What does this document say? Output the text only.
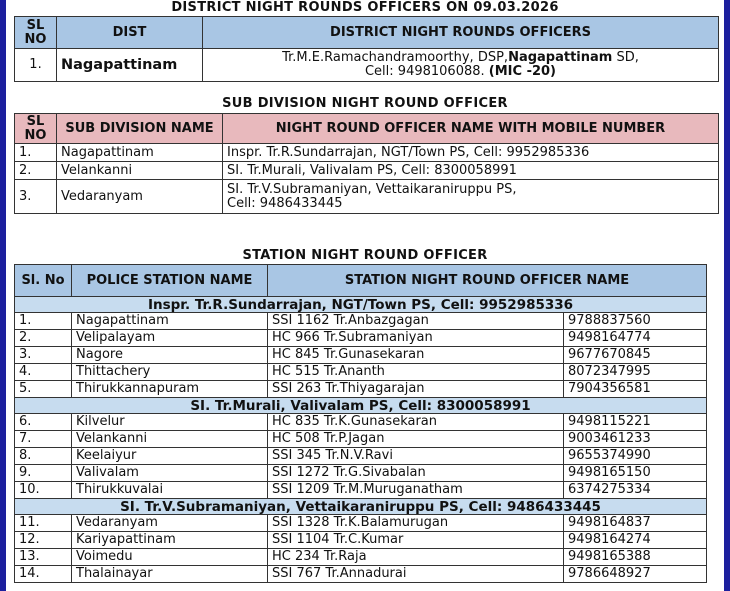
DISTRICT NIGHT ROUNDS OFFICERS ON 09.03.2026
SL NO	DIST	DISTRICT NIGHT ROUNDS OFFICERS
1.	Nagapattinam	Tr.M.E.Ramachandramoorthy, DSP,Nagapattinam SD,
Cell: 9498106088. (MIC -20)
SUB DIVISION NIGHT ROUND OFFICER
SL NO	SUB DIVISION NAME	NIGHT ROUND OFFICER NAME WITH MOBILE NUMBER
1.	Nagapattinam	Inspr. Tr.R.Sundarrajan, NGT/Town PS, Cell: 9952985336
2.	Velankanni	SI. Tr.Murali, Valivalam PS, Cell: 8300058991
3.	Vedaranyam	SI. Tr.V.Subramaniyan, Vettaikaraniruppu PS,
Cell: 9486433445
STATION NIGHT ROUND OFFICER
Sl. No	POLICE STATION NAME	STATION NIGHT ROUND OFFICER NAME	
Inspr. Tr.R.Sundarrajan, NGT/Town PS, Cell: 9952985336			
1.	Nagapattinam	SSI 1162 Tr.Anbazgagan	9788837560
2.	Velipalayam	HC 966 Tr.Subramaniyan	9498164774
3.	Nagore	HC 845 Tr.Gunasekaran	9677670845
4.	Thittachery	HC 515 Tr.Ananth	8072347995
5.	Thirukkannapuram	SSI 263 Tr.Thiyagarajan	7904356581
SI. Tr.Murali, Valivalam PS, Cell: 8300058991			
6.	Kilvelur	HC 835 Tr.K.Gunasekaran	9498115221
7.	Velankanni	HC 508 Tr.P.Jagan	9003461233
8.	Keelaiyur	SSI 345 Tr.N.V.Ravi	9655374990
9.	Valivalam	SSI 1272 Tr.G.Sivabalan	9498165150
10.	Thirukkuvalai	SSI 1209 Tr.M.Muruganatham	6374275334
SI. Tr.V.Subramaniyan, Vettaikaraniruppu PS, Cell: 9486433445			
11.	Vedaranyam	SSI 1328 Tr.K.Balamurugan	9498164837
12.	Kariyapattinam	SSI 1104 Tr.C.Kumar	9498164274
13.	Voimedu	HC 234 Tr.Raja	9498165388
14.	Thalainayar	SSI 767 Tr.Annadurai	9786648927
